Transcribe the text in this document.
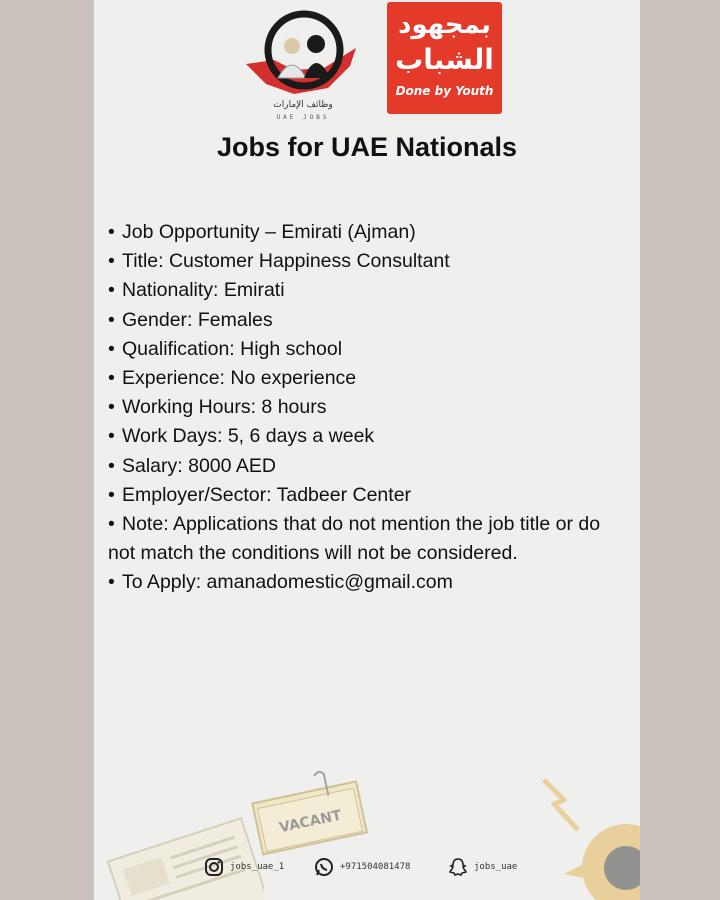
وظائف الإمارات
UAE JOBS
بمجهود
الشباب
Done by Youth
Jobs for UAE Nationals
• Job Opportunity – Emirati (Ajman)
• Title: Customer Happiness Consultant
• Nationality: Emirati
• Gender: Females
• Qualification: High school
• Experience: No experience
• Working Hours: 8 hours
• Work Days: 5, 6 days a week
• Salary: 8000 AED
• Employer/Sector: Tadbeer Center
• Note: Applications that do not mention the job title or do not match the conditions will not be considered.
• To Apply: amanadomestic@gmail.com
VACANT
jobs_uae_1	+971504081478	jobs_uae
